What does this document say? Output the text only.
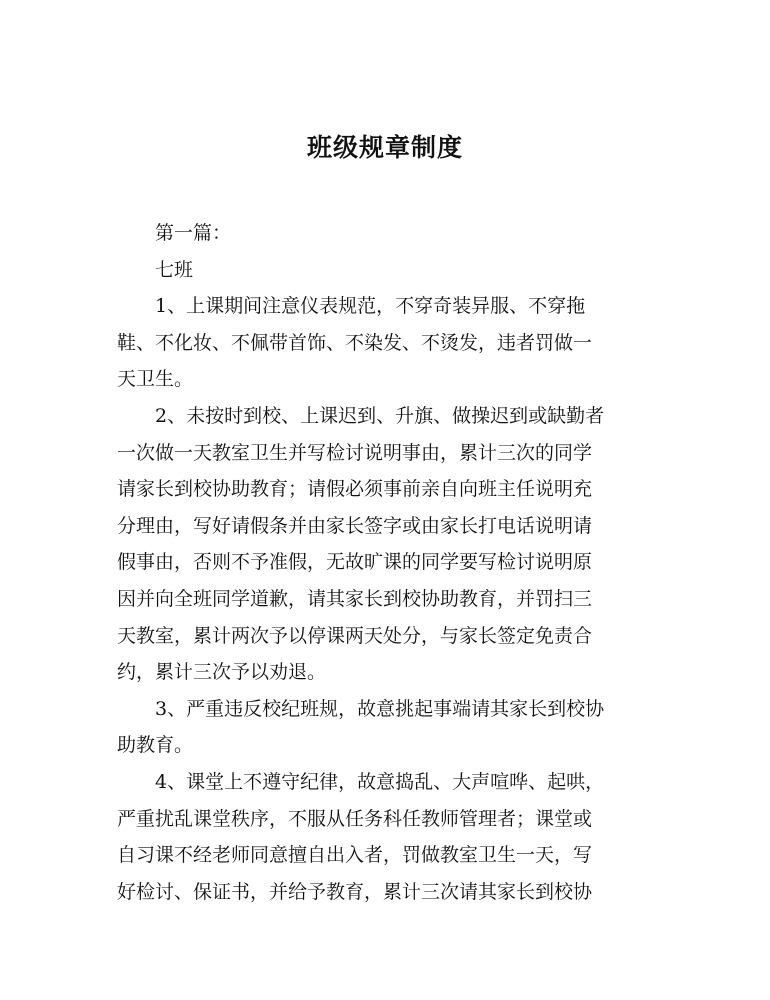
班级规章制度

第一篇：

七班

1、上课期间注意仪表规范，不穿奇装异服、不穿拖
鞋、不化妆、不佩带首饰、不染发、不烫发，违者罚做一
天卫生。

2、未按时到校、上课迟到、升旗、做操迟到或缺勤者
一次做一天教室卫生并写检讨说明事由，累计三次的同学
请家长到校协助教育；请假必须事前亲自向班主任说明充
分理由，写好请假条并由家长签字或由家长打电话说明请
假事由，否则不予准假，无故旷课的同学要写检讨说明原
因并向全班同学道歉，请其家长到校协助教育，并罚扫三
天教室，累计两次予以停课两天处分，与家长签定免责合
约，累计三次予以劝退。

3、严重违反校纪班规，故意挑起事端请其家长到校协
助教育。

4、课堂上不遵守纪律，故意捣乱、大声喧哗、起哄，
严重扰乱课堂秩序，不服从任务科任教师管理者；课堂或
自习课不经老师同意擅自出入者，罚做教室卫生一天，写
好检讨、保证书，并给予教育，累计三次请其家长到校协
